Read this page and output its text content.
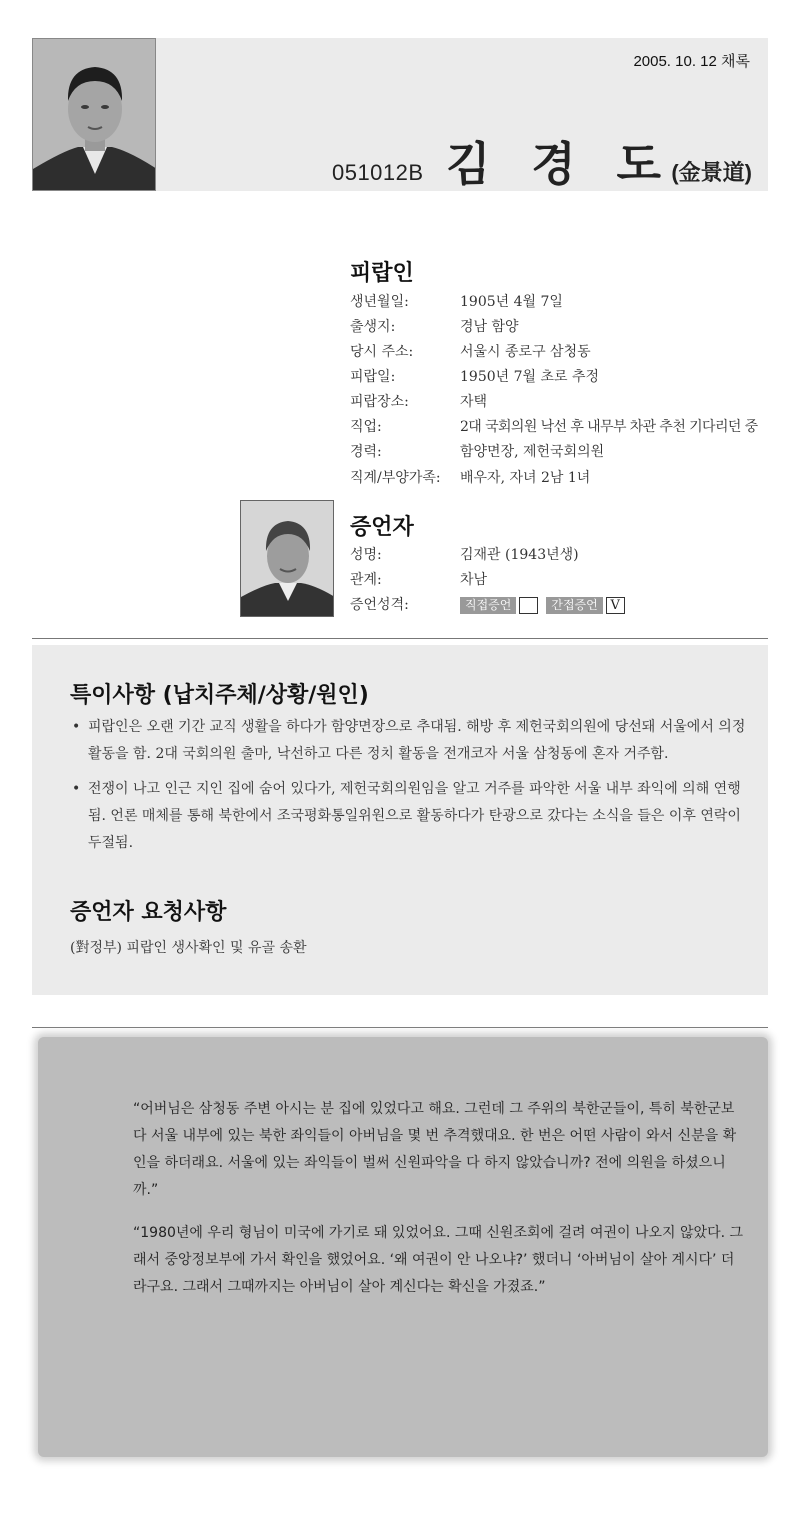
2005. 10. 12 채록
051012B 김 경 도 (金景道)
피랍인
생년월일:	1905년 4월 7일
출생지:	경남 함양
당시 주소:	서울시 종로구 삼청동
피랍일:	1950년 7월 초로 추정
피랍장소:	자택
직업:	2대 국회의원 낙선 후 내무부 차관 추천 기다리던 중
경력:	함양면장, 제헌국회의원
직계/부양가족: 배우자, 자녀 2남 1녀
증언자
성명:	김재관 (1943년생)
관계:	차남
증언성격:	직접증언	간접증언 V
특이사항 (납치주체/상황/원인)
• 피랍인은 오랜 기간 교직 생활을 하다가 함양면장으로 추대됨. 해방 후 제헌국회의원에 당선돼 서울에서 의정 활동을 함. 2대 국회의원 출마, 낙선하고 다른 정치 활동을 전개코자 서울 삼청동에 혼자 거주함.
• 전쟁이 나고 인근 지인 집에 숨어 있다가, 제헌국회의원임을 알고 거주를 파악한 서울 내부 좌익에 의해 연행됨. 언론 매체를 통해 북한에서 조국평화통일위원으로 활동하다가 탄광으로 갔다는 소식을 들은 이후 연락이 두절됨.
증언자 요청사항
(對정부) 피랍인 생사확인 및 유골 송환

“어버님은 삼청동 주변 아시는 분 집에 있었다고 해요. 그런데 그 주위의 북한군들이, 특히 북한군보다 서울 내부에 있는 북한 좌익들이 아버님을 몇 번 추격했대요. 한 번은 어떤 사람이 와서 신분을 확인을 하더래요. 서울에 있는 좌익들이 벌써 신원파악을 다 하지 않았습니까? 전에 의원을 하셨으니까.”

“1980년에 우리 형님이 미국에 가기로 돼 있었어요. 그때 신원조회에 걸려 여권이 나오지 않았다. 그래서 중앙정보부에 가서 확인을 했었어요. ‘왜 여권이 안 나오냐?’ 했더니 ‘아버님이 살아 계시다’ 더라구요. 그래서 그때까지는 아버님이 살아 계신다는 확신을 가졌죠.”
